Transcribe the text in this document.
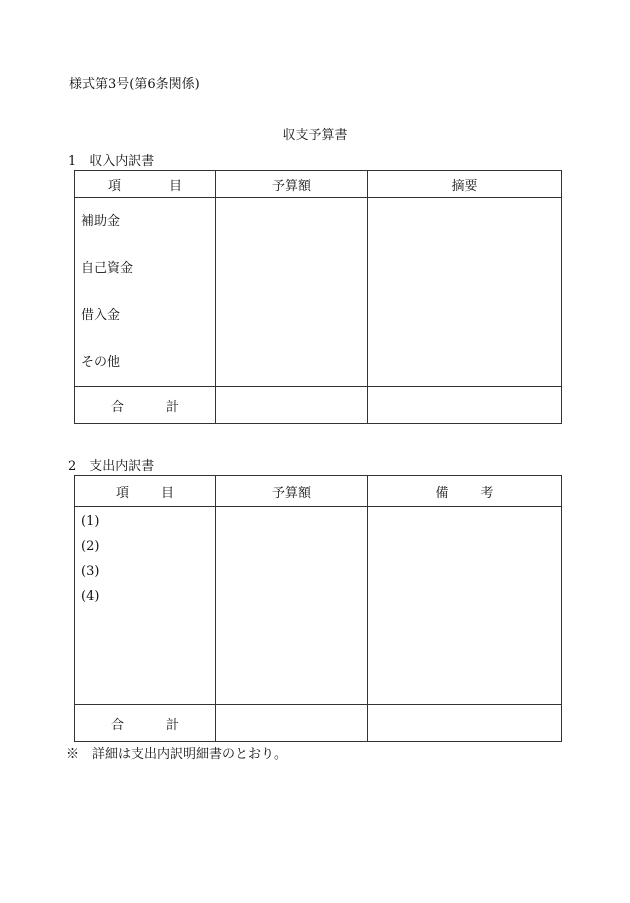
様式第3号(第6条関係)
収支予算書
1　収入内訳書
項 目	予算額	摘要

補助金
自己資金
借入金
その他		

合 計		
2　支出内訳書
項 目	予算額	備 考

(1)
(2)
(3)
(4)		

合 計		
※　詳細は支出内訳明細書のとおり。
